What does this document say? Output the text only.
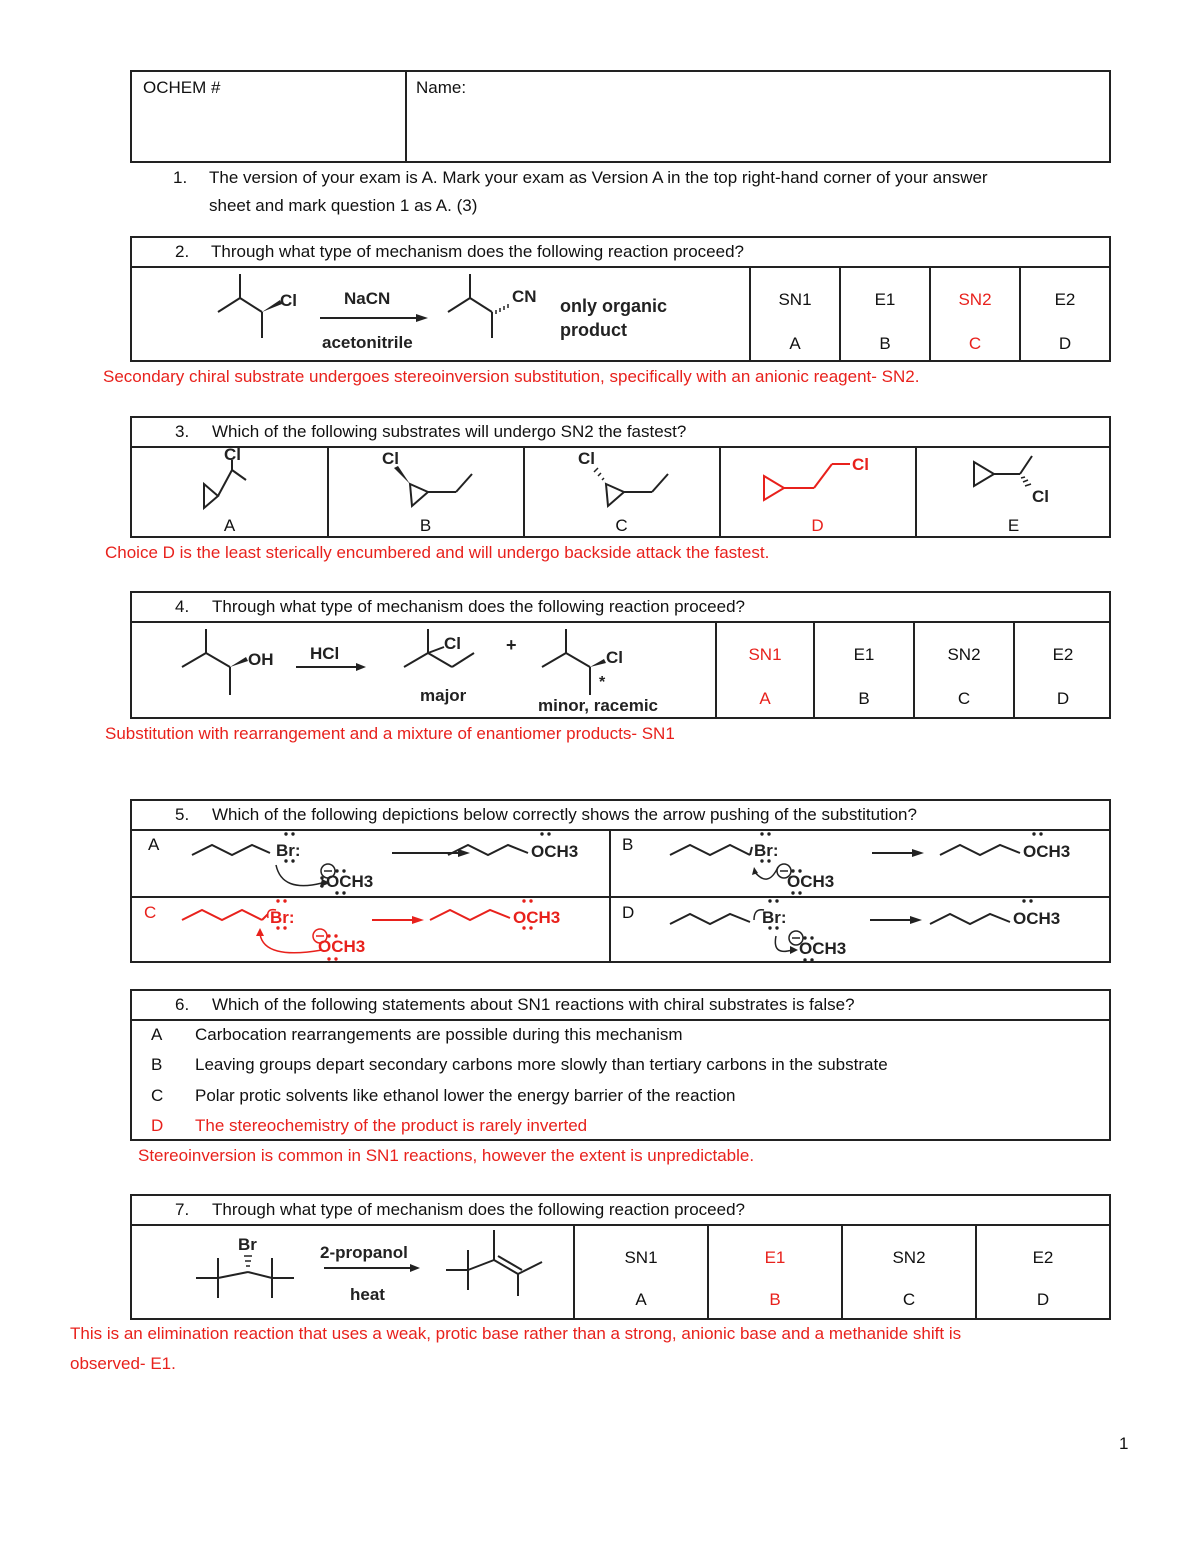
OCHEM #	Name:
1. The version of your exam is A. Mark your exam as Version A in the top right-hand corner of your answer
sheet and mark question 1 as A. (3)
2. Through what type of mechanism does the following reaction proceed?
Cl	CN
NaCN
acetonitrile
only organic
product
SN1
A
E1
B
SN2
C
E2
D
Secondary chiral substrate undergoes stereoinversion substitution, specifically with an anionic reagent- SN2.
3. Which of the following substrates will undergo SN2 the fastest?
Cl	Cl	Cl	Cl
Cl
A	B	C	D	E
Choice D is the least sterically encumbered and will undergo backside attack the fastest.
4. Through what type of mechanism does the following reaction proceed?
OH HCl
Cl	+
Cl
*
major
minor, racemic
SN1
A
E1
B
SN2
C
E2
D
Substitution with rearrangement and a mixture of enantiomer products- SN1
5. Which of the following depictions below correctly shows the arrow pushing of the substitution?
A	B
C	D
Br:
OCH3
OCH3	Br:
OCH3
OCH3
Br:
OCH3
OCH3	Br:
OCH3
OCH3
6. Which of the following statements about SN1 reactions with chiral substrates is false?
A Carbocation rearrangements are possible during this mechanism
B Leaving groups depart secondary carbons more slowly than tertiary carbons in the substrate
C Polar protic solvents like ethanol lower the energy barrier of the reaction
D The stereochemistry of the product is rarely inverted
Stereoinversion is common in SN1 reactions, however the extent is unpredictable.
7. Through what type of mechanism does the following reaction proceed?
Br	2-propanol
heat
SN1
A
E1
B
SN2
C
E2
D
This is an elimination reaction that uses a weak, protic base rather than a strong, anionic base and a methanide shift is
observed- E1.
1
